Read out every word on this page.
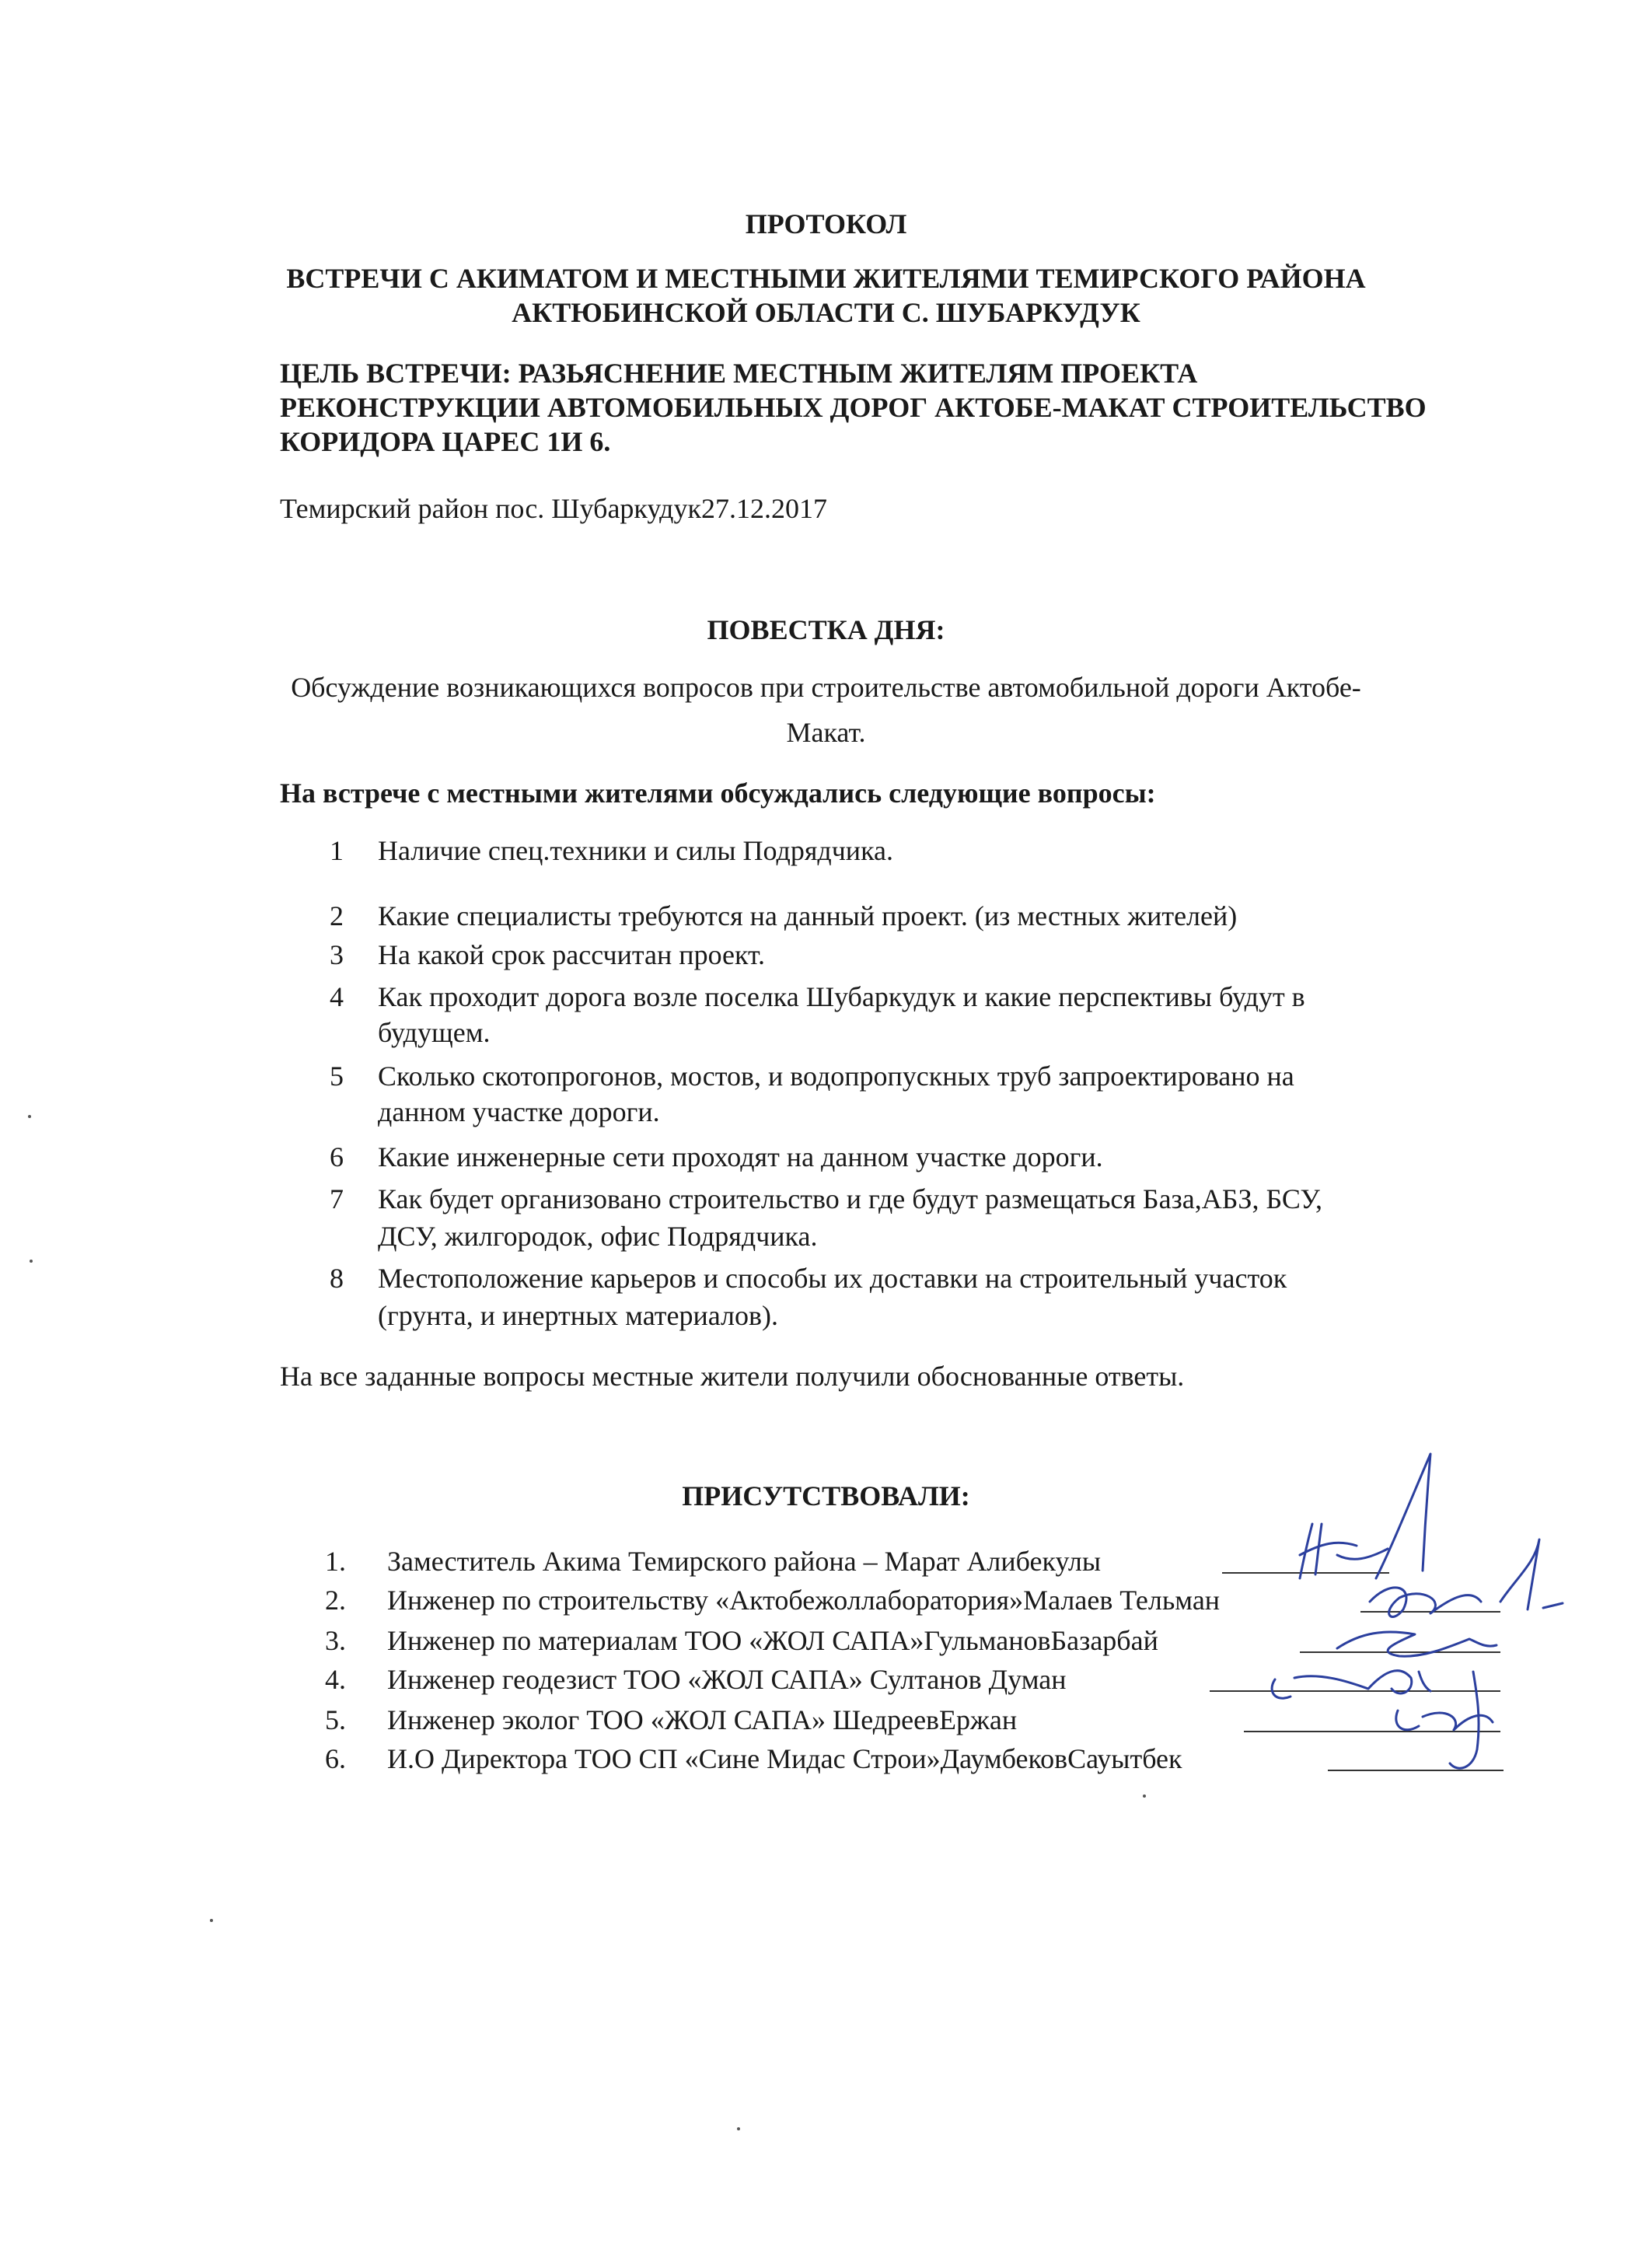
ПРОТОКОЛ
ВСТРЕЧИ С АКИМАТОМ И МЕСТНЫМИ ЖИТЕЛЯМИ ТЕМИРСКОГО РАЙОНА
АКТЮБИНСКОЙ ОБЛАСТИ С. ШУБАРКУДУК
ЦЕЛЬ ВСТРЕЧИ: РАЗЬЯСНЕНИЕ МЕСТНЫМ ЖИТЕЛЯМ ПРОЕКТА
РЕКОНСТРУКЦИИ АВТОМОБИЛЬНЫХ ДОРОГ АКТОБЕ-МАКАТ СТРОИТЕЛЬСТВО
КОРИДОРА ЦАРЕС 1И 6.
Темирский район пос. Шубаркудук27.12.2017
ПОВЕСТКА ДНЯ:
Обсуждение возникающихся вопросов при строительстве автомобильной дороги Актобе-
Макат.
На встрече с местными жителями обсуждались следующие вопросы:
1	Наличие спец.техники и силы Подрядчика.
2	Какие специалисты требуются на данный проект. (из местных жителей)
3	На какой срок рассчитан проект.
4	Как проходит дорога возле поселка Шубаркудук и какие перспективы будут в
будущем.
5	Сколько скотопрогонов, мостов, и водопропускных труб запроектировано на
данном участке дороги.
6	Какие инженерные сети проходят на данном участке дороги.
7	Как будет организовано строительство и где будут размещаться База,АБЗ, БСУ,
ДСУ, жилгородок, офис Подрядчика.
8	Местоположение карьеров и способы их доставки на строительный участок
(грунта, и инертных материалов).
На все заданные вопросы местные жители получили обоснованные ответы.
ПРИСУТСТВОВАЛИ:
1.	Заместитель Акима Темирского района – Марат Алибекулы
2.	Инженер по строительству «Актобежоллаборатория»Малаев Тельман
3.	Инженер по материалам ТОО «ЖОЛ САПА»ГульмановБазарбай
4.	Инженер геодезист ТОО «ЖОЛ САПА» Султанов Думан
5.	Инженер эколог ТОО «ЖОЛ САПА» ШедреевЕржан
6.	И.О Директора ТОО СП «Сине Мидас Строи»ДаумбековСауытбек
